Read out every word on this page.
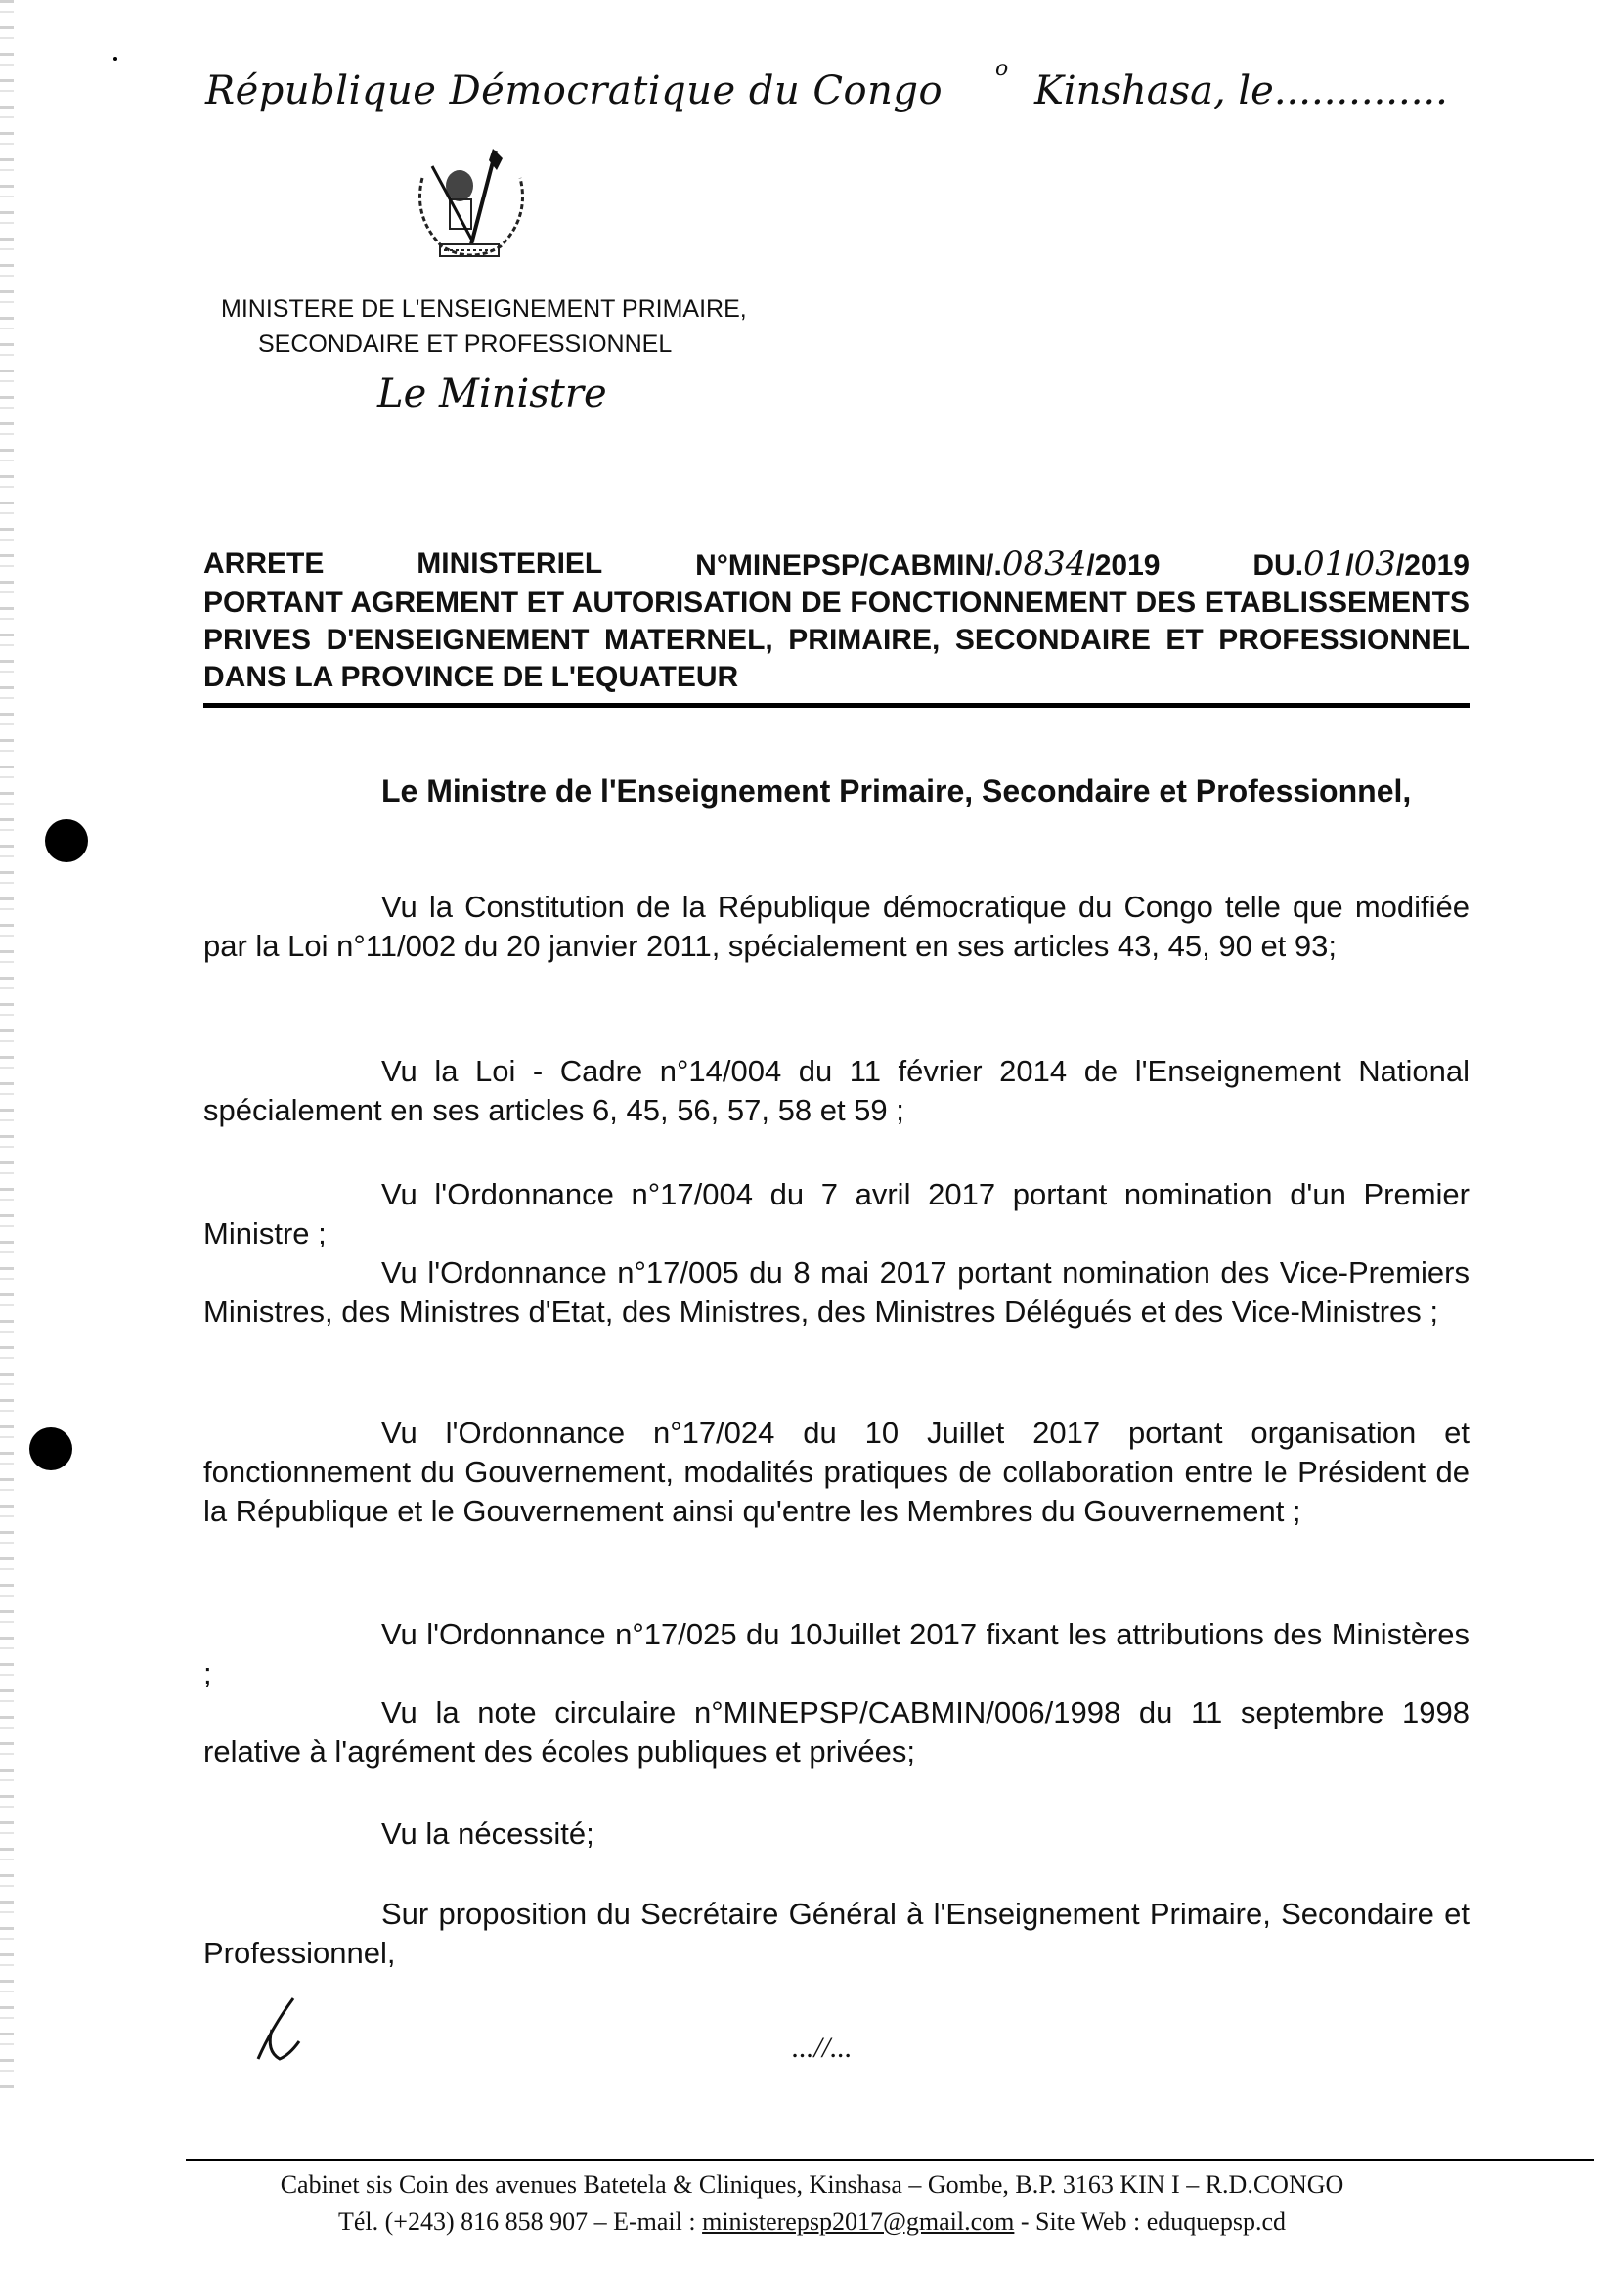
République Démocratique du Congo o Kinshasa, le..............
MINISTERE DE L'ENSEIGNEMENT PRIMAIRE,
SECONDAIRE ET PROFESSIONNEL
Le Ministre
ARRETE	MINISTERIEL	N°MINEPSP/CABMIN/.0834/2019	DU.01/03/2019
PORTANT AGREMENT ET AUTORISATION DE FONCTIONNEMENT DES ETABLISSEMENTS PRIVES D'ENSEIGNEMENT MATERNEL, PRIMAIRE, SECONDAIRE ET PROFESSIONNEL DANS LA PROVINCE DE L'EQUATEUR
Le Ministre de l'Enseignement Primaire, Secondaire et Professionnel,
Vu la Constitution de la République démocratique du Congo telle que modifiée par la Loi n°11/002 du 20 janvier 2011, spécialement en ses articles 43, 45, 90 et 93;
Vu la Loi - Cadre n°14/004 du 11 février 2014 de l'Enseignement National spécialement en ses articles 6, 45, 56, 57, 58 et 59 ;
Vu l'Ordonnance n°17/004 du 7 avril 2017 portant nomination d'un Premier Ministre ;
Vu l'Ordonnance n°17/005 du 8 mai 2017 portant nomination des Vice-Premiers Ministres, des Ministres d'Etat, des Ministres, des Ministres Délégués et des Vice-Ministres ;
Vu l'Ordonnance n°17/024 du 10 Juillet 2017 portant organisation et fonctionnement du Gouvernement, modalités pratiques de collaboration entre le Président de la République et le Gouvernement ainsi qu'entre les Membres du Gouvernement ;
Vu l'Ordonnance n°17/025 du 10Juillet 2017 fixant les attributions des Ministères ;
Vu la note circulaire n°MINEPSP/CABMIN/006/1998 du 11 septembre 1998 relative à l'agrément des écoles publiques et privées;
Vu la nécessité;
Sur proposition du Secrétaire Général à l'Enseignement Primaire, Secondaire et Professionnel,
...//...
Cabinet sis Coin des avenues Batetela & Cliniques, Kinshasa – Gombe, B.P. 3163 KIN I – R.D.CONGO
Tél. (+243) 816 858 907 – E-mail : ministerepsp2017@gmail.com - Site Web : eduquepsp.cd
